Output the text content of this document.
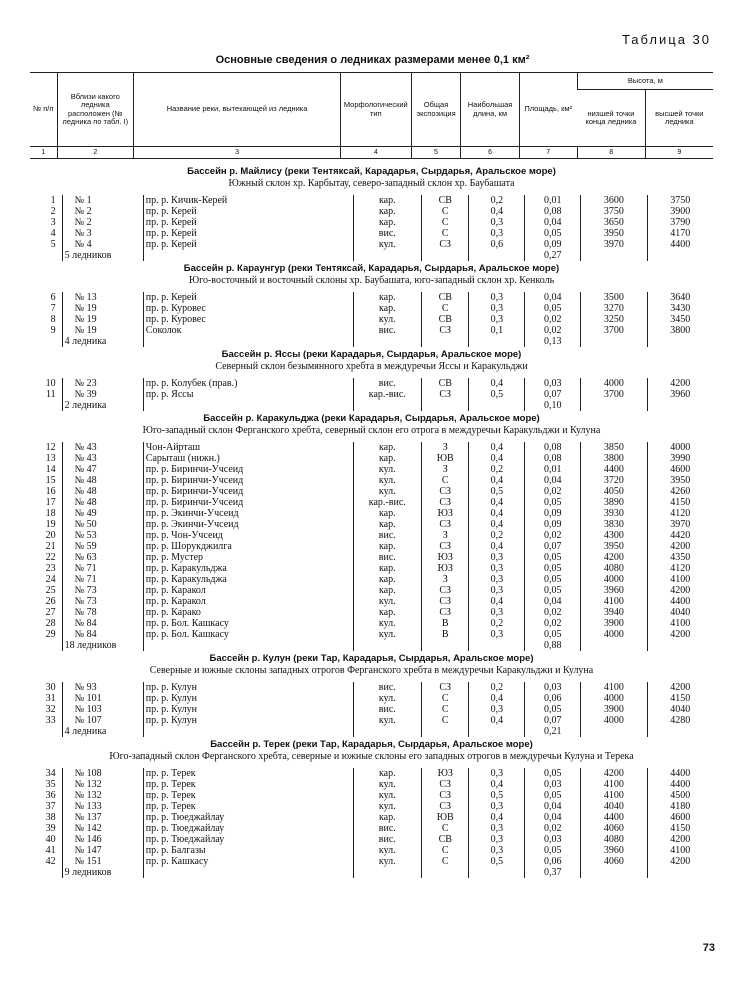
Таблица 30
Основные сведения о ледниках размерами менее 0,1 км²
№ п/п	Вблизи какого ледника расположен (№ ледника по табл. I)	Название реки, вытекающей из ледника	Морфологический тип	Общая экспозиция	Наибольшая длина, км	Площадь, км²	Высота, м	
							низшей точки конца ледника	высшей точки ледника
1	2	3	4	5	6	7	8	9
Бассейн р. Майлису (реки Тентяксай, Карадарья, Сырдарья, Аральское море)
Южный склон хр. Карбытау, северо-западный склон хр. Баубашата
1	№ 1	пр. р. Кичик-Керей	кар.	СВ	0,2	0,01	3600	3750
2	№ 2	пр. р. Керей	кар.	С	0,4	0,08	3750	3900
3	№ 2	пр. р. Керей	кар.	С	0,3	0,04	3650	3790
4	№ 3	пр. р. Керей	вис.	С	0,3	0,05	3950	4170
5	№ 4	пр. р. Керей	кул.	СЗ	0,6	0,09	3970	4400
	5 ледников					0,27		
Бассейн р. Караунгур (реки Тентяксай, Карадарья, Сырдарья, Аральское море)
Юго-восточный и восточный склоны хр. Баубашата, юго-западный склон хр. Кенколь
6	№ 13	пр. р. Керей	кар.	СВ	0,3	0,04	3500	3640
7	№ 19	пр. р. Куровес	кар.	С	0,3	0,05	3270	3430
8	№ 19	пр. р. Куровес	кул.	СВ	0,3	0,02	3250	3450
9	№ 19	Соколок	вис.	СЗ	0,1	0,02	3700	3800
	4 ледника					0,13		
Бассейн р. Яссы (реки Карадарья, Сырдарья, Аральское море)
Северный склон безымянного хребта в междуречьи Яссы и Каракульджи
10	№ 23	пр. р. Колубек (прав.)	вис.	СВ	0,4	0,03	4000	4200
11	№ 39	пр. р. Яссы	кар.-вис.	СЗ	0,5	0,07	3700	3960
	2 ледника					0,10		
Бассейн р. Каракульджа (реки Карадарья, Сырдарья, Аральское море)
Юго-западный склон Ферганского хребта, северный склон его отрога в междуречьи Каракульджи и Кулуна
12	№ 43	Чон-Айрташ	кар.	З	0,4	0,08	3850	4000
13	№ 43	Сарыташ (нижн.)	кар.	ЮВ	0,4	0,08	3800	3990
14	№ 47	пр. р. Биринчи-Учсеид	кул.	З	0,2	0,01	4400	4600
15	№ 48	пр. р. Биринчи-Учсеид	кул.	С	0,4	0,04	3720	3950
16	№ 48	пр. р. Биринчи-Учсеид	кул.	СЗ	0,5	0,02	4050	4260
17	№ 48	пр. р. Биринчи-Учсеид	кар.-вис.	СЗ	0,4	0,05	3890	4150
18	№ 49	пр. р. Экинчи-Учсеид	кар.	ЮЗ	0,4	0,09	3930	4120
19	№ 50	пр. р. Экинчи-Учсеид	кар.	СЗ	0,4	0,09	3830	3970
20	№ 53	пр. р. Чон-Учсеид	вис.	З	0,2	0,02	4300	4420
21	№ 59	пр. р. Шорукджилга	кар.	СЗ	0,4	0,07	3950	4200
22	№ 63	пр. р. Мустер	вис.	ЮЗ	0,3	0,05	4200	4350
23	№ 71	пр. р. Каракульджа	кар.	ЮЗ	0,3	0,05	4080	4120
24	№ 71	пр. р. Каракульджа	кар.	З	0,3	0,05	4000	4100
25	№ 73	пр. р. Каракол	кар.	СЗ	0,3	0,05	3960	4200
26	№ 73	пр. р. Каракол	кул.	СЗ	0,4	0,04	4100	4400
27	№ 78	пр. р. Карако	кар.	СЗ	0,3	0,02	3940	4040
28	№ 84	пр. р. Бол. Кашкасу	кул.	В	0,2	0,02	3900	4100
29	№ 84	пр. р. Бол. Кашкасу	кул.	В	0,3	0,05	4000	4200
	18 ледников					0,88		
Бассейн р. Кулун (реки Тар, Карадарья, Сырдарья, Аральское море)
Северные и южные склоны западных отрогов Ферганского хребта в междуречьи Каракульджи и Кулуна
30	№ 93	пр. р. Кулун	вис.	СЗ	0,2	0,03	4100	4200
31	№ 101	пр. р. Кулун	кул.	С	0,4	0,06	4000	4150
32	№ 103	пр. р. Кулун	вис.	С	0,3	0,05	3900	4040
33	№ 107	пр. р. Кулун	кул.	С	0,4	0,07	4000	4280
	4 ледника					0,21		
Бассейн р. Терек (реки Тар, Карадарья, Сырдарья, Аральское море)
Юго-западный склон Ферганского хребта, северные и южные склоны его западных отрогов в междуречьи Кулуна и Терека
34	№ 108	пр. р. Терек	кар.	ЮЗ	0,3	0,05	4200	4400
35	№ 132	пр. р. Терек	кул.	СЗ	0,4	0,03	4100	4400
36	№ 132	пр. р. Терек	кул.	СЗ	0,5	0,05	4100	4500
37	№ 133	пр. р. Терек	кул.	СЗ	0,3	0,04	4040	4180
38	№ 137	пр. р. Тюеджайлау	кар.	ЮВ	0,4	0,04	4400	4600
39	№ 142	пр. р. Тюеджайлау	вис.	С	0,3	0,02	4060	4150
40	№ 146	пр. р. Тюеджайлау	вис.	СВ	0,3	0,03	4080	4200
41	№ 147	пр. р. Балгазы	кул.	С	0,3	0,05	3960	4100
42	№ 151	пр. р. Кашкасу	кул.	С	0,5	0,06	4060	4200
	9 ледников					0,37		
73
